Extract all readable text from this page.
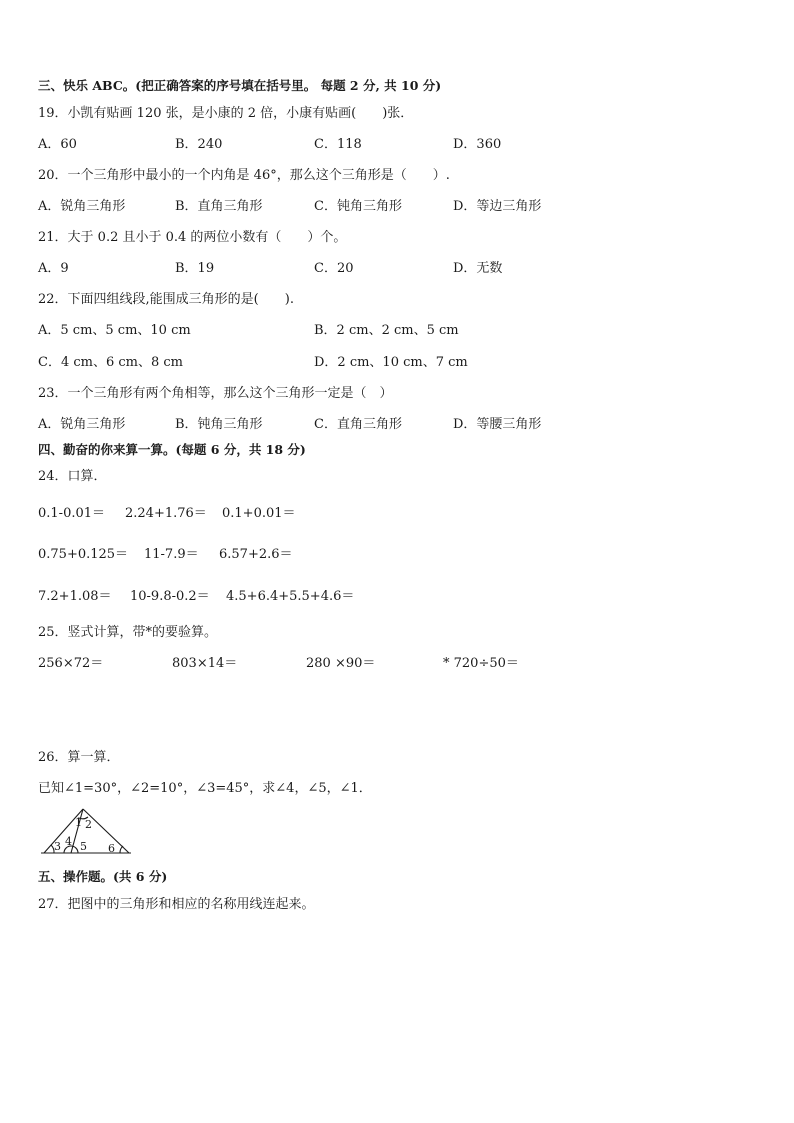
三、快乐 ABC。(把正确答案的序号填在括号里。 每题 2 分, 共 10 分)
19．小凯有贴画 120 张，是小康的 2 倍，小康有贴画(　　)张．
A．60	B．240	C．118	D．360
20．一个三角形中最小的一个内角是 46°，那么这个三角形是（　　）.
A．锐角三角形	B．直角三角形	C．钝角三角形	D．等边三角形
21．大于 0.2 且小于 0.4 的两位小数有（　　）个。
A．9	B．19	C．20	D．无数
22．下面四组线段,能围成三角形的是(　　).
A．5 cm、5 cm、10 cm	B．2 cm、2 cm、5 cm
C．4 cm、6 cm、8 cm	D．2 cm、10 cm、7 cm
23．一个三角形有两个角相等，那么这个三角形一定是（　）
A．锐角三角形	B．钝角三角形	C．直角三角形	D．等腰三角形
四、勤奋的你来算一算。(每题 6 分，共 18 分)
24．口算．
0.1-0.01＝ 2.24+1.76＝ 0.1+0.01＝
0.75+0.125＝ 11-7.9＝ 6.57+2.6＝
7.2+1.08＝ 10-9.8-0.2＝ 4.5+6.4+5.5+4.6＝
25．竖式计算，带*的要验算。
256×72＝	803×14＝	280 ×90＝	* 720÷50＝
26．算一算．
已知∠1=30°，∠2=10°，∠3=45°，求∠4，∠5，∠1．
1 2
3 4 5 6
五、操作题。(共 6 分)
27．把图中的三角形和相应的名称用线连起来。
